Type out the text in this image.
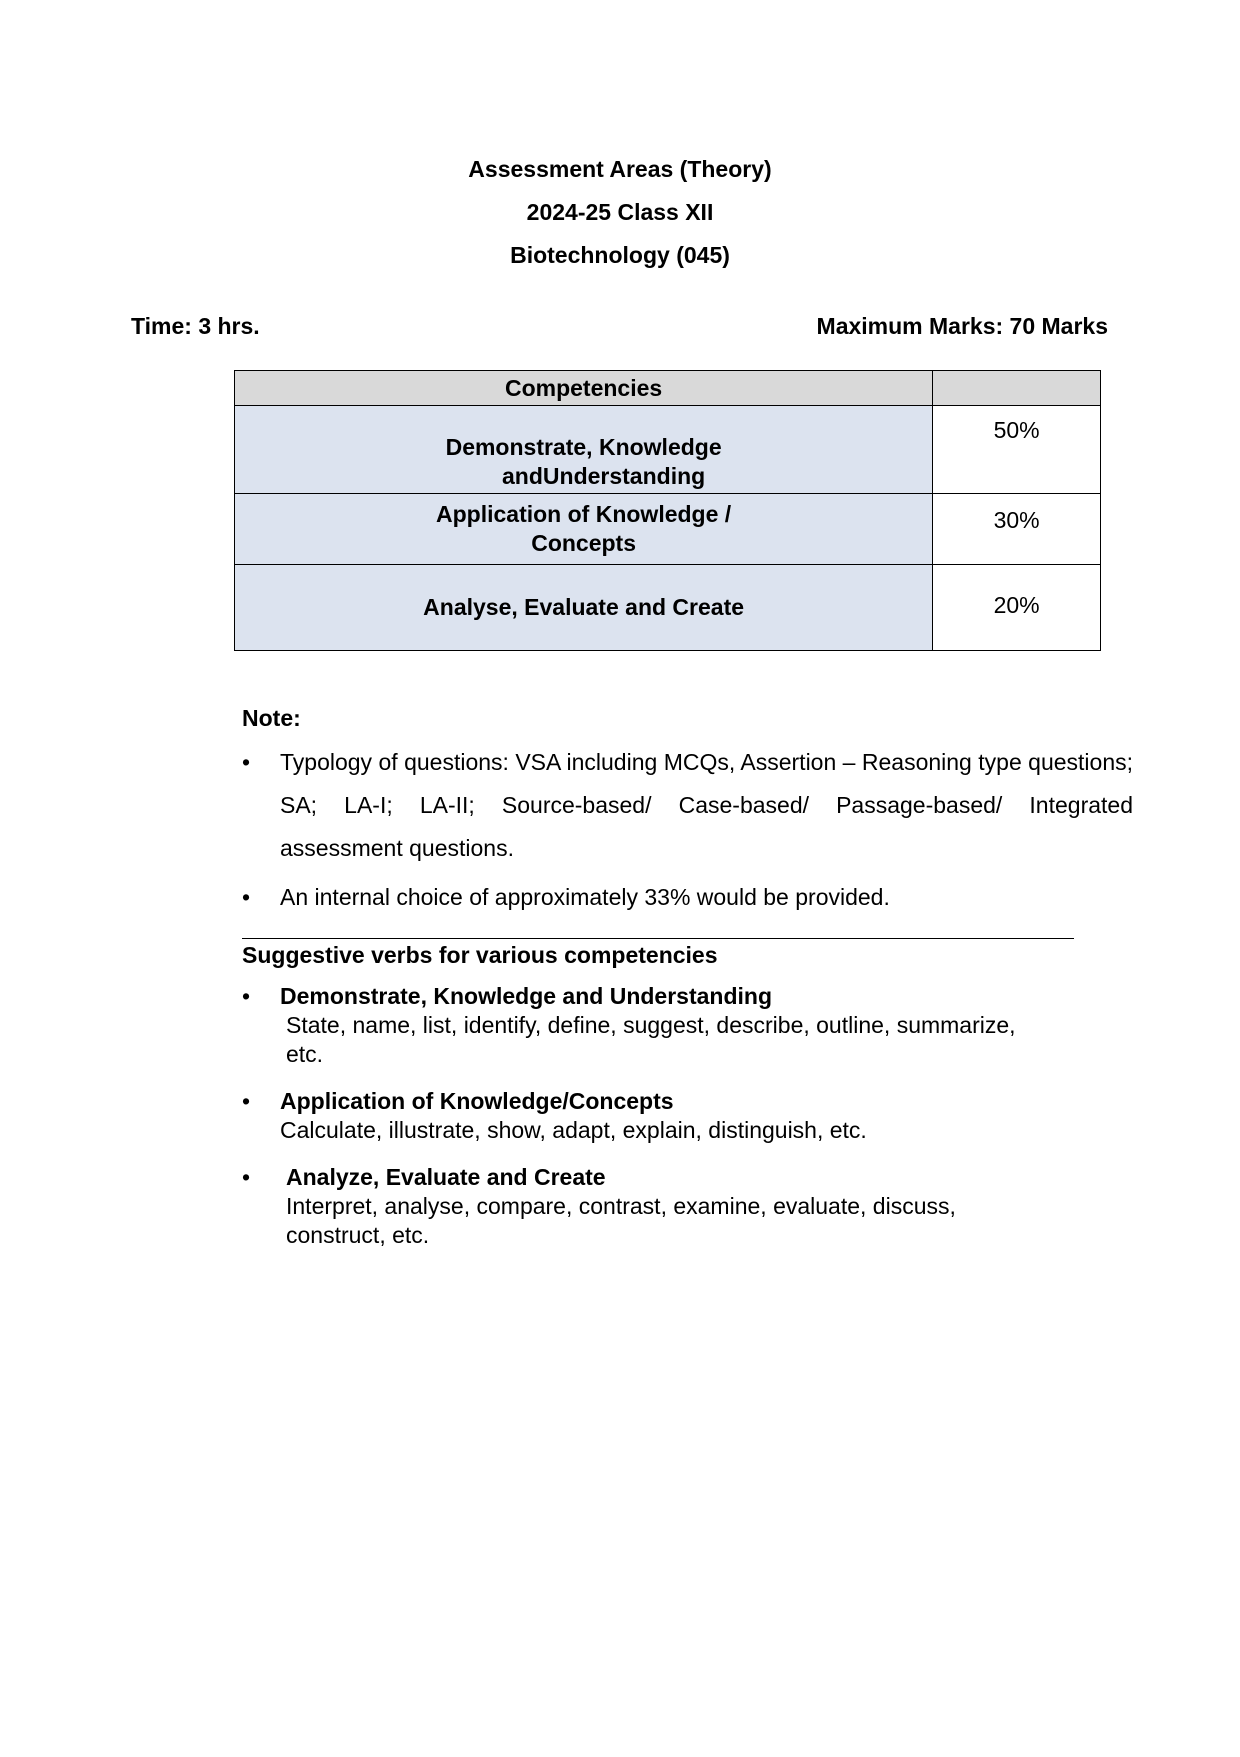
Assessment Areas (Theory)
2024-25 Class XII
Biotechnology (045)
Time: 3 hrs.	Maximum Marks: 70 Marks
Competencies	

Demonstrate, Knowledge
andUnderstanding	50%

Application of Knowledge /
Concepts	30%

Analyse, Evaluate and Create	20%
Note:
•	Typology of questions: VSA including MCQs, Assertion – Reasoning type questions; SA; LA-I; LA-II; Source-based/ Case-based/ Passage-based/ Integrated assessment questions.
•	An internal choice of approximately 33% would be provided.
Suggestive verbs for various competencies
•	Demonstrate, Knowledge and Understanding
State, name, list, identify, define, suggest, describe, outline, summarize,
etc.
•	Application of Knowledge/Concepts
Calculate, illustrate, show, adapt, explain, distinguish, etc.
•	Analyze, Evaluate and Create
Interpret, analyse, compare, contrast, examine, evaluate, discuss,
construct, etc.
